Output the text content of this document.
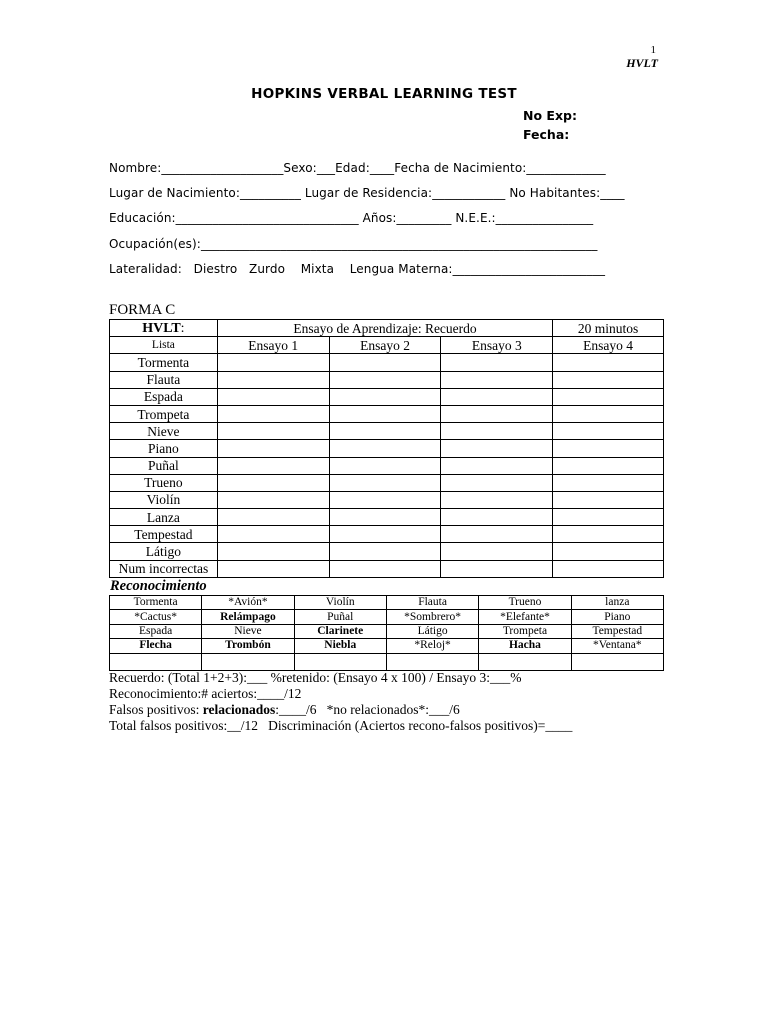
1
HVLT
HOPKINS VERBAL LEARNING TEST
No Exp:
Fecha:
Nombre:____________________Sexo:___Edad:____Fecha de Nacimiento:_____________
Lugar de Nacimiento:__________ Lugar de Residencia:____________ No Habitantes:____
Educación:______________________________ Años:_________ N.E.E.:________________
Ocupación(es):_________________________________________________________________
Lateralidad:   Diestro   Zurdo    Mixta    Lengua Materna:_________________________
FORMA C
HVLT:	Ensayo de Aprendizaje: Recuerdo			20 minutos
Lista	Ensayo 1	Ensayo 2	Ensayo 3	Ensayo 4
Tormenta				
Flauta				
Espada				
Trompeta				
Nieve				
Piano				
Puñal				
Trueno				
Violín				
Lanza				
Tempestad				
Látigo				
Num incorrectas				
Reconocimiento
Tormenta	*Avión*	Violín	Flauta	Trueno	lanza
*Cactus*	Relámpago	Puñal	*Sombrero*	*Elefante*	Piano
Espada	Nieve	Clarinete	Látigo	Trompeta	Tempestad
Flecha	Trombón	Niebla	*Reloj*	Hacha	*Ventana*

Recuerdo: (Total 1+2+3):___ %retenido: (Ensayo 4 x 100) / Ensayo 3:___%
Reconocimiento:# aciertos:____/12
Falsos positivos: relacionados:____/6   *no relacionados*:___/6
Total falsos positivos:__/12   Discriminación (Aciertos recono-falsos positivos)=____
